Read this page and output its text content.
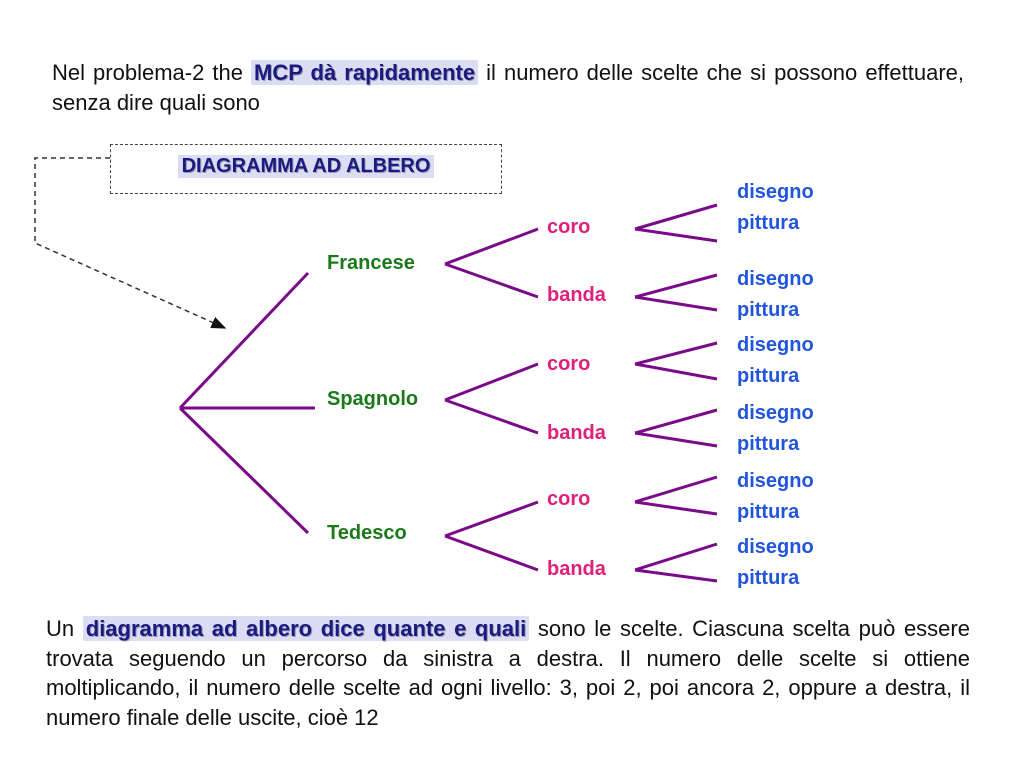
Nel problema-2 the MCP dà rapidamente il numero delle scelte che si possono effettuare, senza dire quali sono
DIAGRAMMA AD ALBERO
Francese
Spagnolo
Tedesco
coro
banda
coro
banda
coro
banda
disegno
pittura
disegno
pittura
disegno
pittura
disegno
pittura
disegno
pittura
disegno
pittura
Un diagramma ad albero dice quante e quali sono le scelte. Ciascuna scelta può essere trovata seguendo un percorso da sinistra a destra. Il numero delle scelte si ottiene moltiplicando, il numero delle scelte ad ogni livello: 3, poi 2, poi ancora 2, oppure a destra, il numero finale delle uscite, cioè 12
